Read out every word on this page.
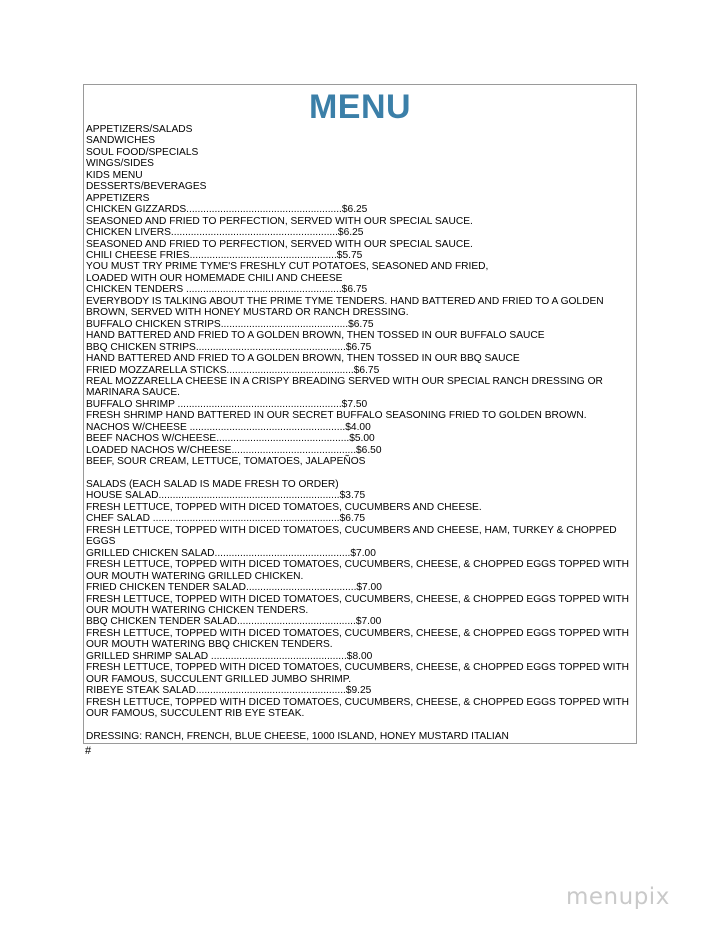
MENU
APPETIZERS/SALADS
SANDWICHES
SOUL FOOD/SPECIALS
WINGS/SIDES
KIDS MENU
DESSERTS/BEVERAGES
APPETIZERS
CHICKEN GIZZARDS.......................................................$6.25
SEASONED AND FRIED TO PERFECTION, SERVED WITH OUR SPECIAL SAUCE.
CHICKEN LIVERS...........................................................$6.25
SEASONED AND FRIED TO PERFECTION, SERVED WITH OUR SPECIAL SAUCE.
CHILI CHEESE FRIES....................................................$5.75
YOU MUST TRY PRIME TYME'S FRESHLY CUT POTATOES, SEASONED AND FRIED,
LOADED WITH OUR HOMEMADE CHILI AND CHEESE
CHICKEN TENDERS .......................................................$6.75
EVERYBODY IS TALKING ABOUT THE PRIME TYME TENDERS. HAND BATTERED AND FRIED TO A GOLDEN
BROWN, SERVED WITH HONEY MUSTARD OR RANCH DRESSING.
BUFFALO CHICKEN STRIPS.............................................$6.75
HAND BATTERED AND FRIED TO A GOLDEN BROWN, THEN TOSSED IN OUR BUFFALO SAUCE
BBQ CHICKEN STRIPS.....................................................$6.75
HAND BATTERED AND FRIED TO A GOLDEN BROWN, THEN TOSSED IN OUR BBQ SAUCE
FRIED MOZZARELLA STICKS.............................................$6.75
REAL MOZZARELLA CHEESE IN A CRISPY BREADING SERVED WITH OUR SPECIAL RANCH DRESSING OR
MARINARA SAUCE.
BUFFALO SHRIMP ..........................................................$7.50
FRESH SHRIMP HAND BATTERED IN OUR SECRET BUFFALO SEASONING FRIED TO GOLDEN BROWN.
NACHOS W/CHEESE .......................................................$4.00
BEEF NACHOS W/CHEESE...............................................$5.00
LOADED NACHOS W/CHEESE............................................$6.50
BEEF, SOUR CREAM, LETTUCE, TOMATOES, JALAPEÑOS
SALADS (EACH SALAD IS MADE FRESH TO ORDER)
HOUSE SALAD................................................................$3.75
FRESH LETTUCE, TOPPED WITH DICED TOMATOES, CUCUMBERS AND CHEESE.
CHEF SALAD ..................................................................$6.75
FRESH LETTUCE, TOPPED WITH DICED TOMATOES, CUCUMBERS AND CHEESE, HAM, TURKEY & CHOPPED
EGGS
GRILLED CHICKEN SALAD................................................$7.00
FRESH LETTUCE, TOPPED WITH DICED TOMATOES, CUCUMBERS, CHEESE, & CHOPPED EGGS TOPPED WITH
OUR MOUTH WATERING GRILLED CHICKEN.
FRIED CHICKEN TENDER SALAD.......................................$7.00
FRESH LETTUCE, TOPPED WITH DICED TOMATOES, CUCUMBERS, CHEESE, & CHOPPED EGGS TOPPED WITH
OUR MOUTH WATERING CHICKEN TENDERS.
BBQ CHICKEN TENDER SALAD..........................................$7.00
FRESH LETTUCE, TOPPED WITH DICED TOMATOES, CUCUMBERS, CHEESE, & CHOPPED EGGS TOPPED WITH
OUR MOUTH WATERING BBQ CHICKEN TENDERS.
GRILLED SHRIMP SALAD ................................................$8.00
FRESH LETTUCE, TOPPED WITH DICED TOMATOES, CUCUMBERS, CHEESE, & CHOPPED EGGS TOPPED WITH
OUR FAMOUS, SUCCULENT GRILLED JUMBO SHRIMP.
RIBEYE STEAK SALAD.....................................................$9.25
FRESH LETTUCE, TOPPED WITH DICED TOMATOES, CUCUMBERS, CHEESE, & CHOPPED EGGS TOPPED WITH
OUR FAMOUS, SUCCULENT RIB EYE STEAK.
DRESSING: RANCH, FRENCH, BLUE CHEESE, 1000 ISLAND, HONEY MUSTARD ITALIAN
#
menupix
